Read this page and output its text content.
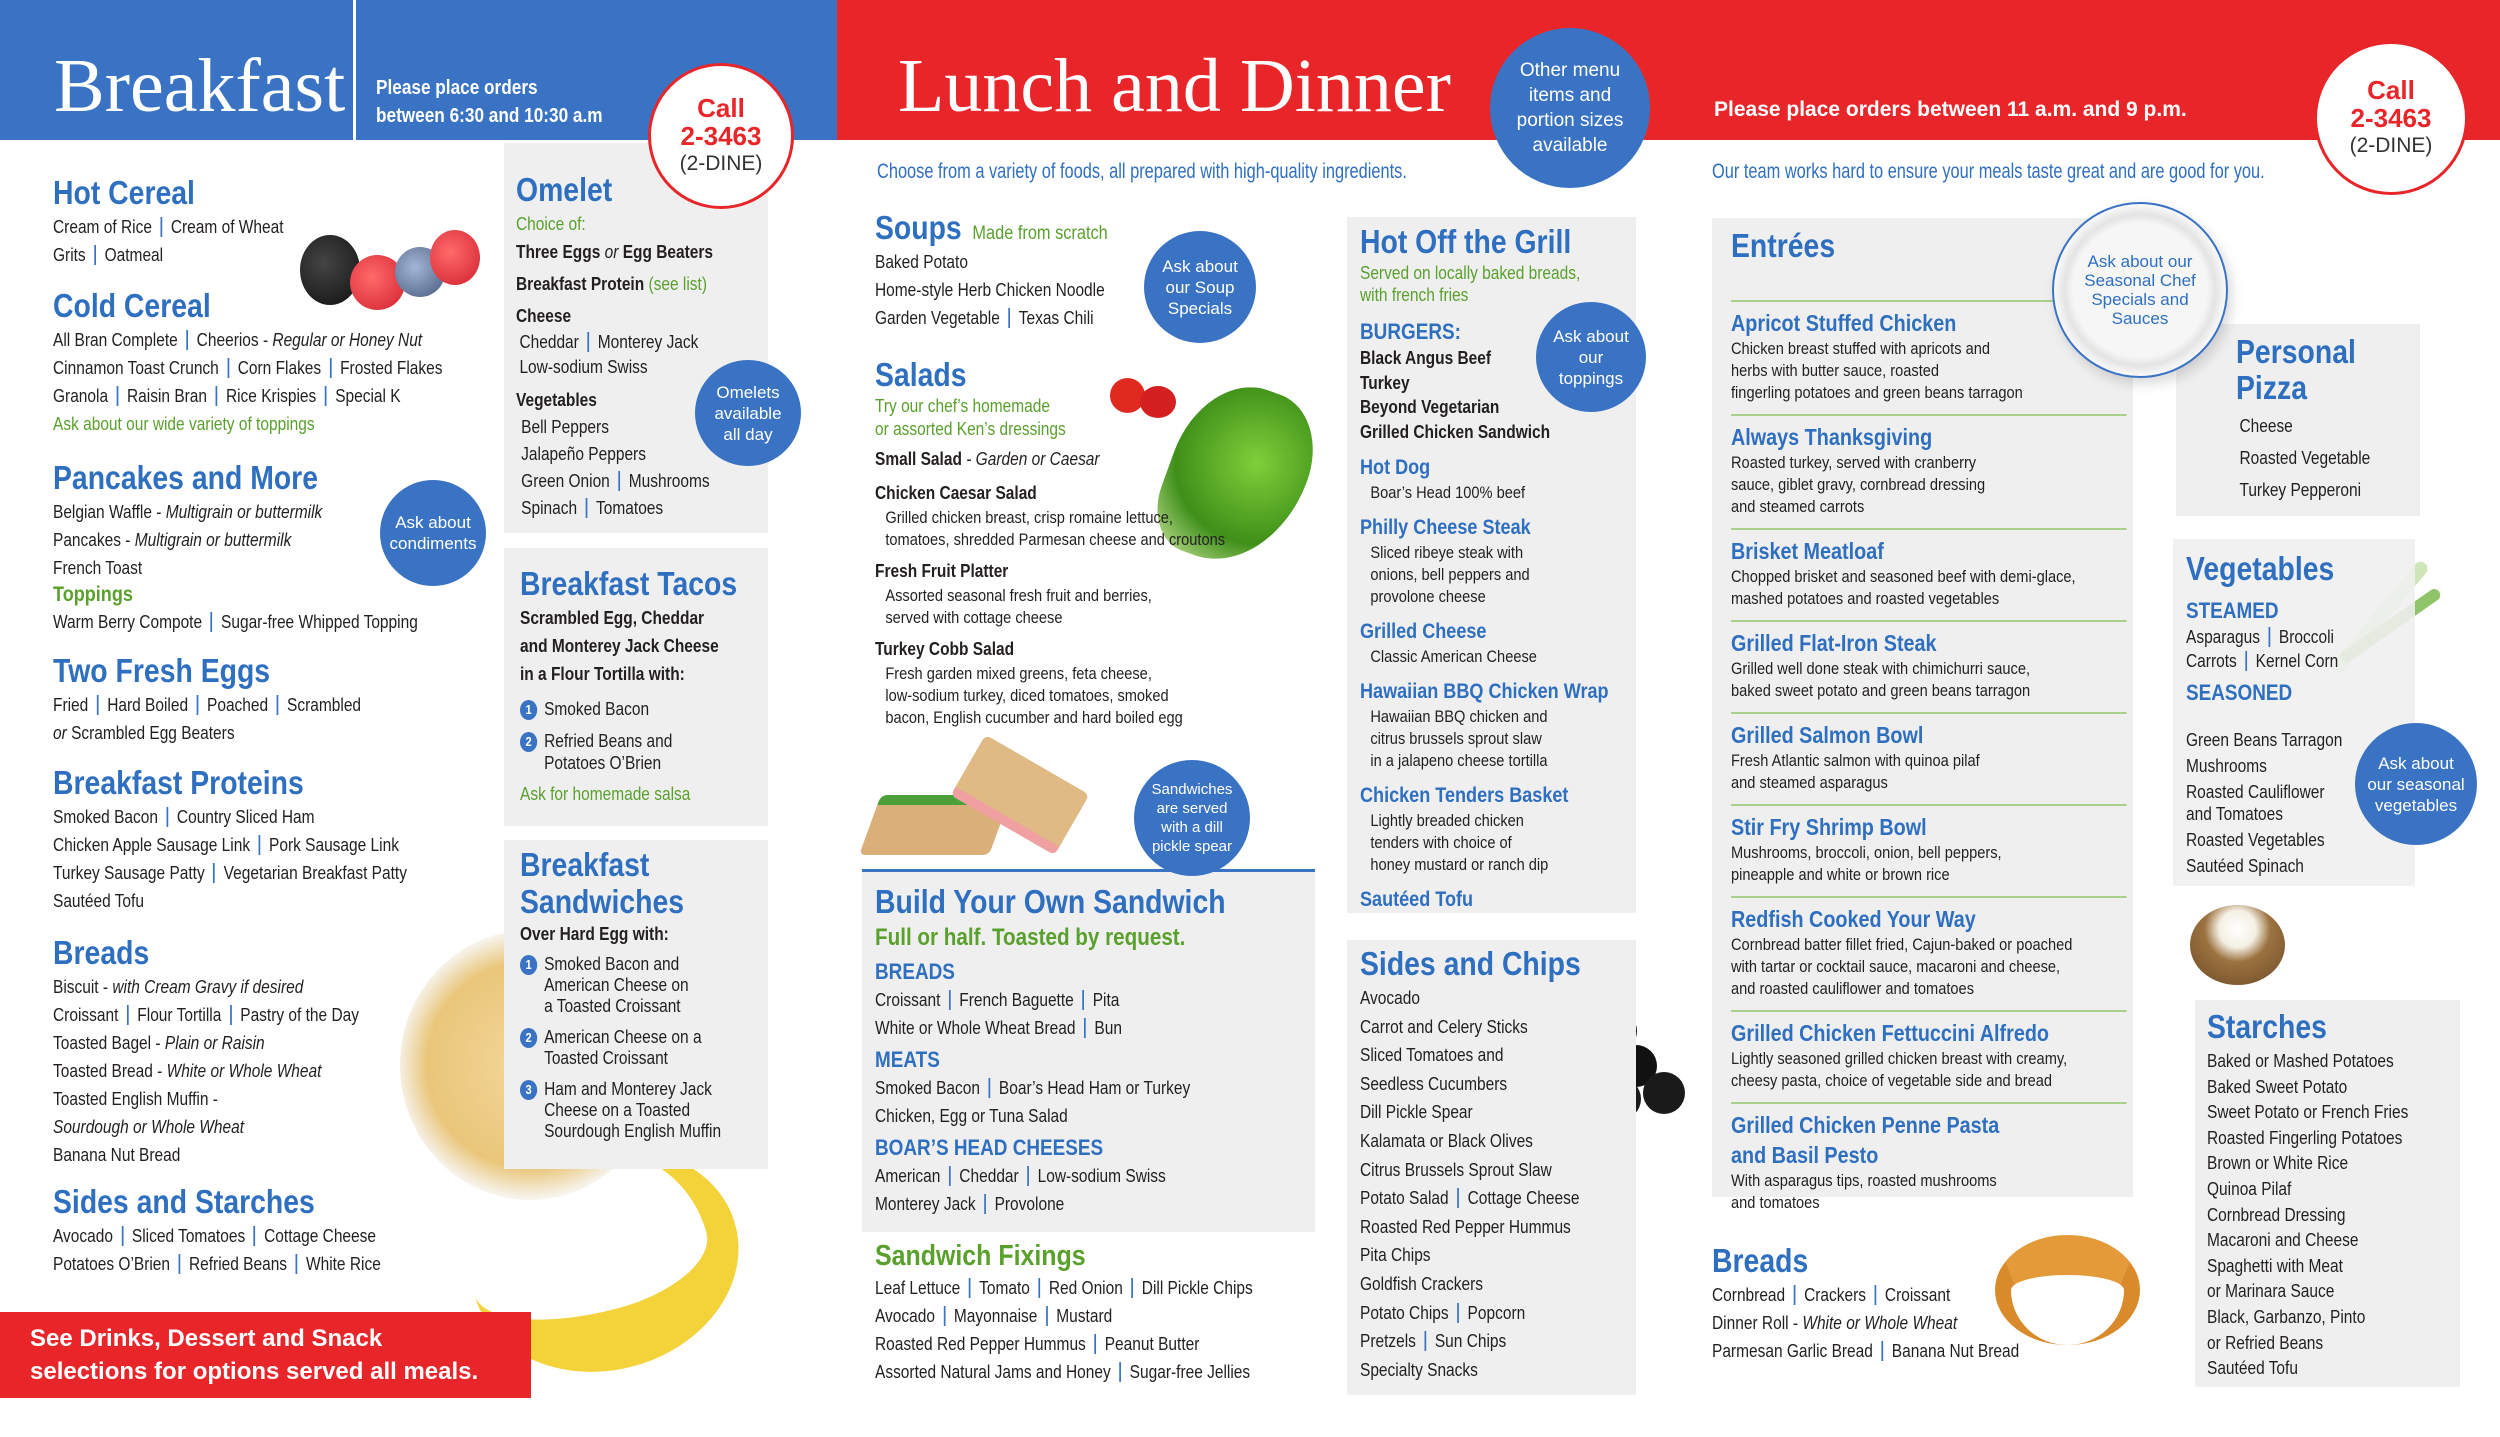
Breakfast Please place orders
between 6:30 and 10:30 a.m	Call
2-3463
(2-DINE)
Lunch and Dinner	Other menu items and portion sizes available
Please place orders between 11 a.m. and 9 p.m.
Call
2-3463
(2-DINE)
Choose from a variety of foods, all prepared with high-quality ingredients.	Our team works hard to ensure your meals taste great and are good for you.
Hot Cereal
Cream of Rice Cream of Wheat
Grits Oatmeal
Cold Cereal
All Bran Complete Cheerios - Regular or Honey Nut
Cinnamon Toast Crunch Corn Flakes Frosted Flakes
Granola Raisin Bran Rice Krispies Special K
Ask about our wide variety of toppings
Pancakes and More
Belgian Waffle - Multigrain or buttermilk
Pancakes - Multigrain or buttermilk
French Toast
Toppings
Warm Berry Compote Sugar-free Whipped Topping
Ask about condiments
Two Fresh Eggs
Fried Hard Boiled Poached Scrambled
or Scrambled Egg Beaters
Breakfast Proteins
Smoked Bacon Country Sliced Ham
Chicken Apple Sausage Link Pork Sausage Link
Turkey Sausage Patty Vegetarian Breakfast Patty
Sautéed Tofu
Breads
Biscuit - with Cream Gravy if desired
Croissant Flour Tortilla Pastry of the Day
Toasted Bagel - Plain or Raisin
Toasted Bread - White or Whole Wheat
Toasted English Muffin -
Sourdough or Whole Wheat
Banana Nut Bread
Sides and Starches
Avocado Sliced Tomatoes Cottage Cheese
Potatoes O’Brien Refried Beans White Rice
See Drinks, Dessert and Snack
selections for options served all meals.
Omelet
Choice of:
Three Eggs or Egg Beaters
Breakfast Protein (see list)
Cheese
Cheddar Monterey Jack
Low-sodium Swiss
Vegetables
Bell Peppers
Jalapeño Peppers
Green Onion Mushrooms
Spinach Tomatoes
Omelets available all day
Breakfast Tacos
Scrambled Egg, Cheddar
and Monterey Jack Cheese
in a Flour Tortilla with:
1 Smoked Bacon
2 Refried Beans and
Potatoes O’Brien
Ask for homemade salsa
Breakfast
Sandwiches
Over Hard Egg with:
1 Smoked Bacon and
American Cheese on
a Toasted Croissant
2 American Cheese on a
Toasted Croissant
3 Ham and Monterey Jack
Cheese on a Toasted
Sourdough English Muffin
Soups Made from scratch
Baked Potato
Home-style Herb Chicken Noodle
Garden Vegetable Texas Chili
Ask about our Soup Specials
Salads
Try our chef’s homemade
or assorted Ken’s dressings
Small Salad - Garden or Caesar
Chicken Caesar Salad
Grilled chicken breast, crisp romaine lettuce,
tomatoes, shredded Parmesan cheese and croutons
Fresh Fruit Platter
Assorted seasonal fresh fruit and berries,
served with cottage cheese
Turkey Cobb Salad
Fresh garden mixed greens, feta cheese,
low-sodium turkey, diced tomatoes, smoked
bacon, English cucumber and hard boiled egg
Sandwiches are served with a dill pickle spear
Build Your Own Sandwich
Full or half. Toasted by request.
BREADS
Croissant French Baguette Pita
White or Whole Wheat Bread Bun
MEATS
Smoked Bacon Boar’s Head Ham or Turkey
Chicken, Egg or Tuna Salad
BOAR’S HEAD CHEESES
American Cheddar Low-sodium Swiss
Monterey Jack Provolone
Sandwich Fixings
Leaf Lettuce Tomato Red Onion Dill Pickle Chips
Avocado Mayonnaise Mustard
Roasted Red Pepper Hummus Peanut Butter
Assorted Natural Jams and Honey Sugar-free Jellies
Hot Off the Grill
Served on locally baked breads,
with french fries
BURGERS:
Black Angus Beef
Turkey
Beyond Vegetarian
Grilled Chicken Sandwich
Hot Dog
Boar’s Head 100% beef
Philly Cheese Steak
Sliced ribeye steak with
onions, bell peppers and
provolone cheese
Grilled Cheese
Classic American Cheese
Hawaiian BBQ Chicken Wrap
Hawaiian BBQ chicken and
citrus brussels sprout slaw
in a jalapeno cheese tortilla
Chicken Tenders Basket
Lightly breaded chicken
tenders with choice of
honey mustard or ranch dip
Sautéed Tofu
Ask about our toppings
Sides and Chips
Avocado
Carrot and Celery Sticks
Sliced Tomatoes and
Seedless Cucumbers
Dill Pickle Spear
Kalamata or Black Olives
Citrus Brussels Sprout Slaw
Potato Salad Cottage Cheese
Roasted Red Pepper Hummus
Pita Chips
Goldfish Crackers
Potato Chips Popcorn
Pretzels Sun Chips
Specialty Snacks
Entrées
Apricot Stuffed Chicken
Chicken breast stuffed with apricots and
herbs with butter sauce, roasted
fingerling potatoes and green beans tarragon
Always Thanksgiving
Roasted turkey, served with cranberry
sauce, giblet gravy, cornbread dressing
and steamed carrots
Brisket Meatloaf
Chopped brisket and seasoned beef with demi-glace,
mashed potatoes and roasted vegetables
Grilled Flat-Iron Steak
Grilled well done steak with chimichurri sauce,
baked sweet potato and green beans tarragon
Grilled Salmon Bowl
Fresh Atlantic salmon with quinoa pilaf
and steamed asparagus
Stir Fry Shrimp Bowl
Mushrooms, broccoli, onion, bell peppers,
pineapple and white or brown rice
Redfish Cooked Your Way
Cornbread batter fillet fried, Cajun-baked or poached
with tartar or cocktail sauce, macaroni and cheese,
and roasted cauliflower and tomatoes
Grilled Chicken Fettuccini Alfredo
Lightly seasoned grilled chicken breast with creamy,
cheesy pasta, choice of vegetable side and bread
Grilled Chicken Penne Pasta
and Basil Pesto
With asparagus tips, roasted mushrooms
and tomatoes
Ask about our Seasonal Chef Specials and Sauces
Personal
Pizza
Cheese
Roasted Vegetable
Turkey Pepperoni
Vegetables
STEAMED
Asparagus Broccoli
Carrots Kernel Corn
SEASONED

Green Beans Tarragon
Mushrooms
Roasted Cauliflower
and Tomatoes
Roasted Vegetables
Sautéed Spinach

Ask about our seasonal vegetables
Starches
Baked or Mashed Potatoes
Baked Sweet Potato
Sweet Potato or French Fries
Roasted Fingerling Potatoes
Brown or White Rice
Quinoa Pilaf
Cornbread Dressing
Macaroni and Cheese
Spaghetti with Meat
or Marinara Sauce
Black, Garbanzo, Pinto
or Refried Beans
Sautéed Tofu
Breads
Cornbread Crackers Croissant
Dinner Roll - White or Whole Wheat
Parmesan Garlic Bread Banana Nut Bread
